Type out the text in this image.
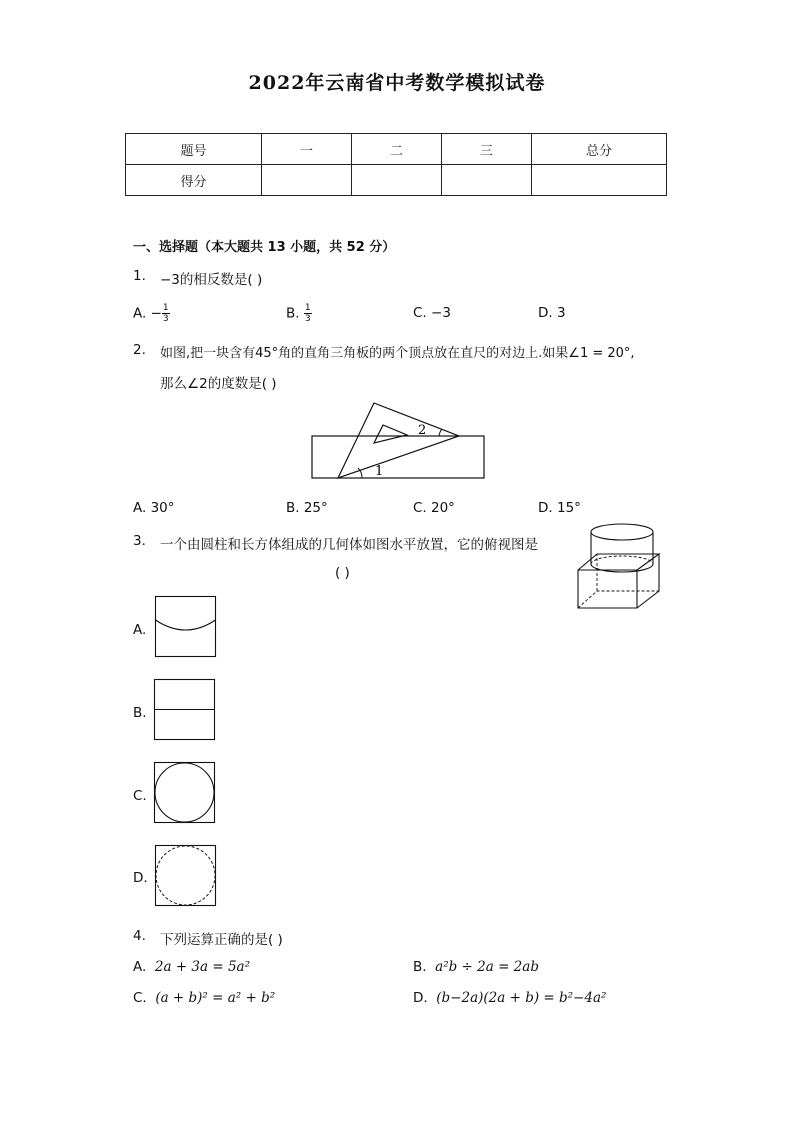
2022年云南省中考数学模拟试卷
题号	一	二	三	总分
得分				
一、选择题（本大题共 13 小题，共 52 分）
1. −3的相反数是( )
A. − $\frac{1}{3}$	B. $\frac{1}{3}$	C. −3	D. 3
2. 如图,把一块含有45°角的直角三角板的两个顶点放在直尺的对边上.如果∠1 = 20°,
那么∠2的度数是( )
1
2
A. 30°	B. 25°	C. 20°	D. 15°
3. 一个由圆柱和长方体组成的几何体如图水平放置，它的俯视图是
( )
A.
B.
C.
D.
4. 下列运算正确的是( )
A. 2𝑎 + 3𝑎 = 5𝑎²	B. 𝑎²𝑏 ÷ 2𝑎 = 2𝑎𝑏
C. (𝑎 + 𝑏)² = 𝑎² + 𝑏²	D. (𝑏−2𝑎)(2𝑎 + 𝑏) = 𝑏²−4𝑎²
